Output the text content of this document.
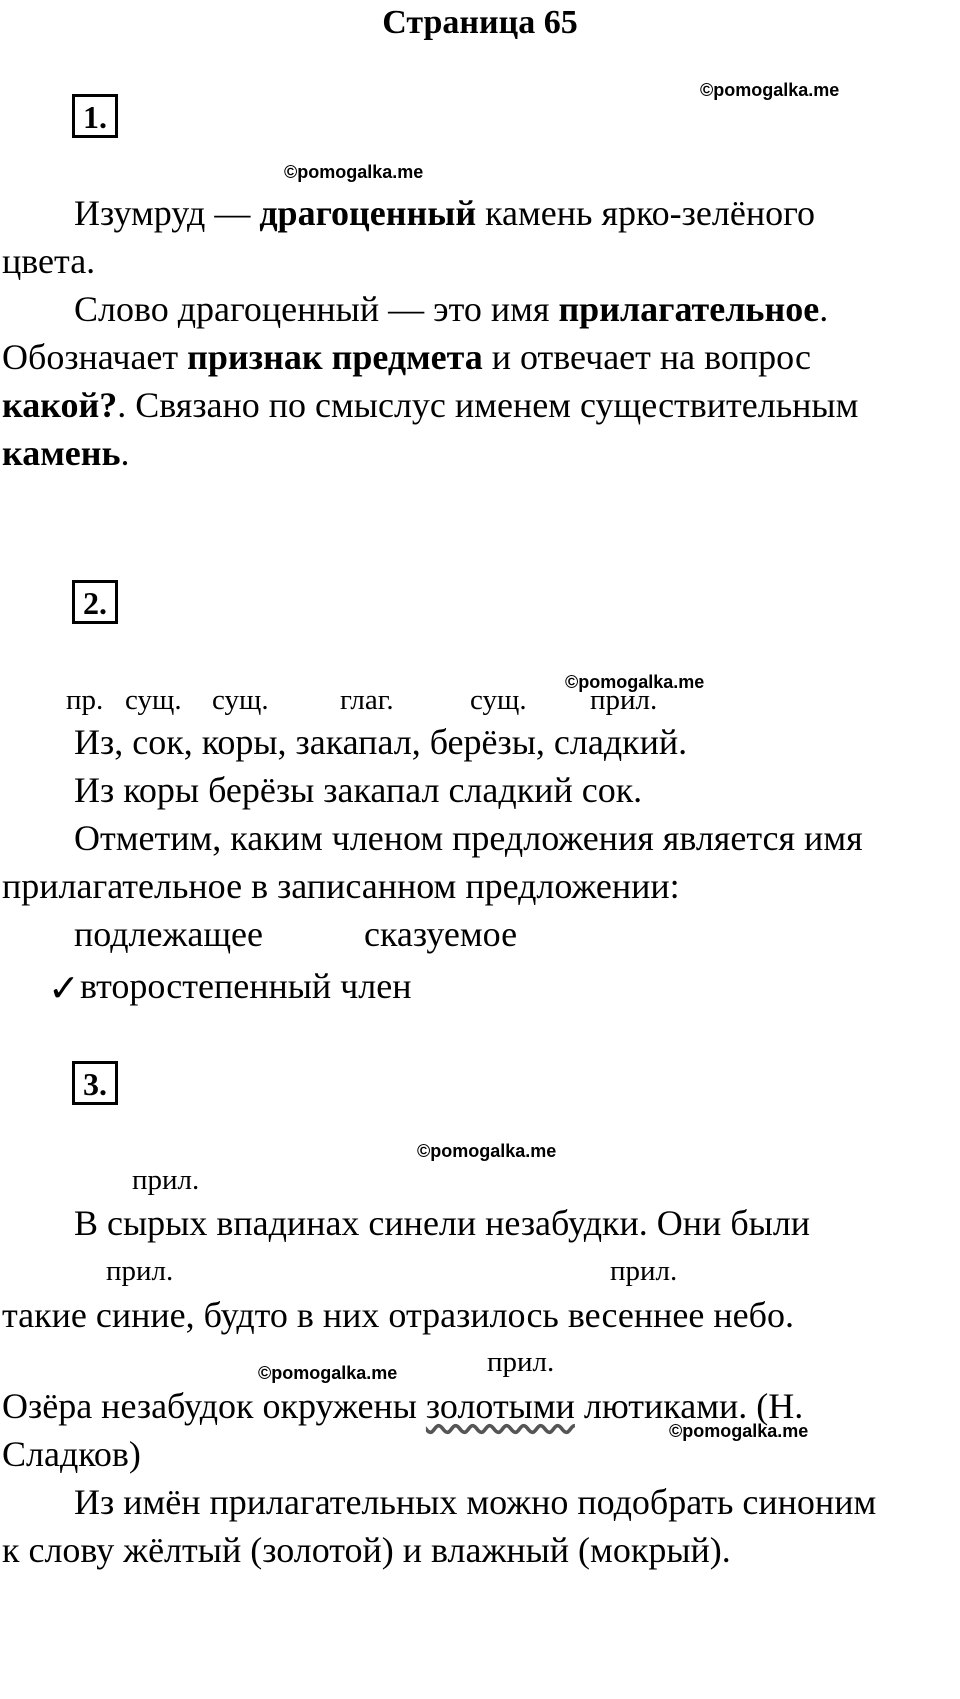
Страница 65
©pomogalka.me
©pomogalka.me
©pomogalka.me
©pomogalka.me
©pomogalka.me
©pomogalka.me
1.
Изумруд — драгоценный камень ярко-зелёного
цвета.
Слово драгоценный — это имя прилагательное.
Обозначает признак предмета и отвечает на вопрос
какой?. Связано по смыслус именем существительным
камень.
2.
пр. сущ. сущ. глаг.	сущ. прил.
Из, сок, коры, закапал, берёзы, сладкий.
Из коры берёзы закапал сладкий сок.
Отметим, каким членом предложения является имя
прилагательное в записанном предложении:
подлежащее	сказуемое
✓ второстепенный член
3.
прил.
В сырых впадинах синели незабудки. Они были
прил.	прил.
такие синие, будто в них отразилось весеннее небо.
прил.
Озёра незабудок окружены золотыми лютиками. (Н.
Сладков)
Из имён прилагательных можно подобрать синоним
к слову жёлтый (золотой) и влажный (мокрый).
